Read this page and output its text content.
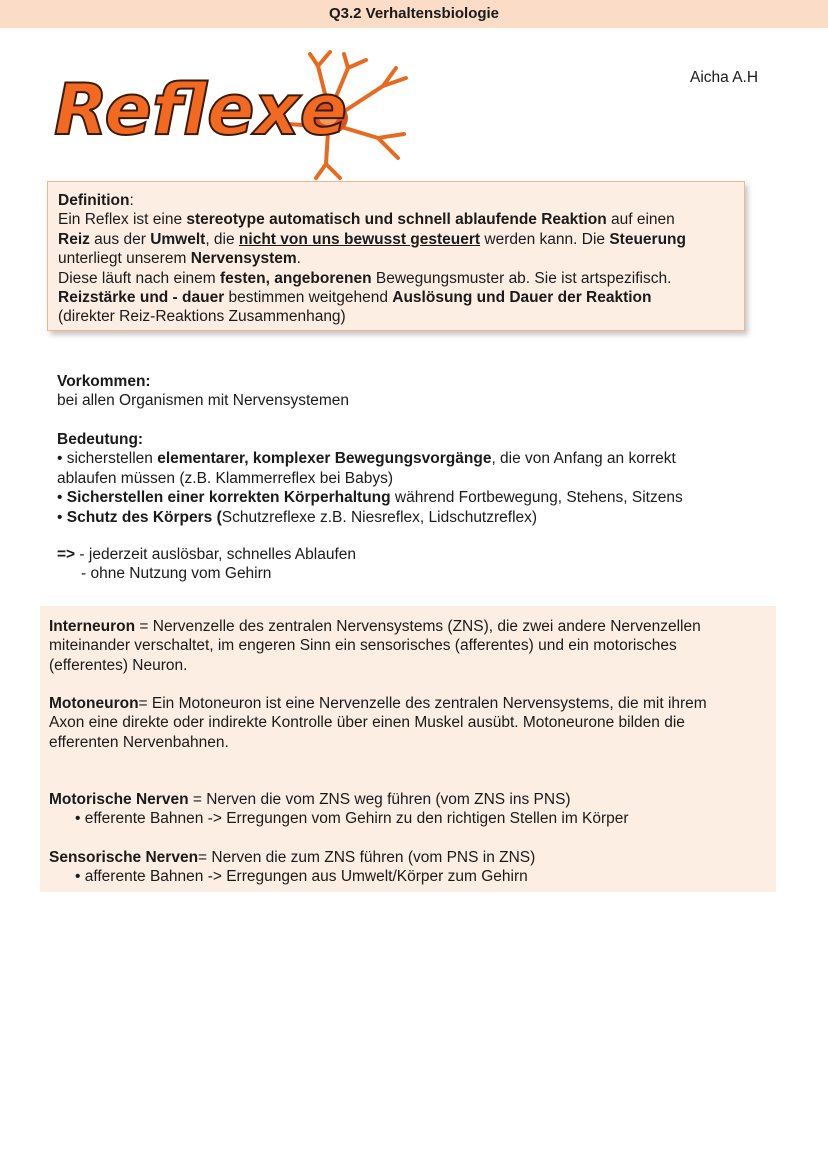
Q3.2 Verhaltensbiologie
Aicha A.H
Reflexe
Definition:
Ein Reflex ist eine stereotype automatisch und schnell ablaufende Reaktion auf einen
Reiz aus der Umwelt, die nicht von uns bewusst gesteuert werden kann. Die Steuerung
unterliegt unserem Nervensystem.
Diese läuft nach einem festen, angeborenen Bewegungsmuster ab. Sie ist artspezifisch.
Reizstärke und - dauer bestimmen weitgehend Auslösung und Dauer der Reaktion
(direkter Reiz-Reaktions Zusammenhang)
Vorkommen:
bei allen Organismen mit Nervensystemen
Bedeutung:
• sicherstellen elementarer, komplexer Bewegungsvorgänge, die von Anfang an korrekt
ablaufen müssen (z.B. Klammerreflex bei Babys)
• Sicherstellen einer korrekten Körperhaltung während Fortbewegung, Stehens, Sitzens
• Schutz des Körpers (Schutzreflexe z.B. Niesreflex, Lidschutzreflex)
=> - jederzeit auslösbar, schnelles Ablaufen
- ohne Nutzung vom Gehirn
Interneuron = Nervenzelle des zentralen Nervensystems (ZNS), die zwei andere Nervenzellen
miteinander verschaltet, im engeren Sinn ein sensorisches (afferentes) und ein motorisches
(efferentes) Neuron.
Motoneuron= Ein Motoneuron ist eine Nervenzelle des zentralen Nervensystems, die mit ihrem
Axon eine direkte oder indirekte Kontrolle über einen Muskel ausübt. Motoneurone bilden die
efferenten Nervenbahnen.
Motorische Nerven = Nerven die vom ZNS weg führen (vom ZNS ins PNS)
• efferente Bahnen -> Erregungen vom Gehirn zu den richtigen Stellen im Körper
Sensorische Nerven= Nerven die zum ZNS führen (vom PNS in ZNS)
• afferente Bahnen -> Erregungen aus Umwelt/Körper zum Gehirn
